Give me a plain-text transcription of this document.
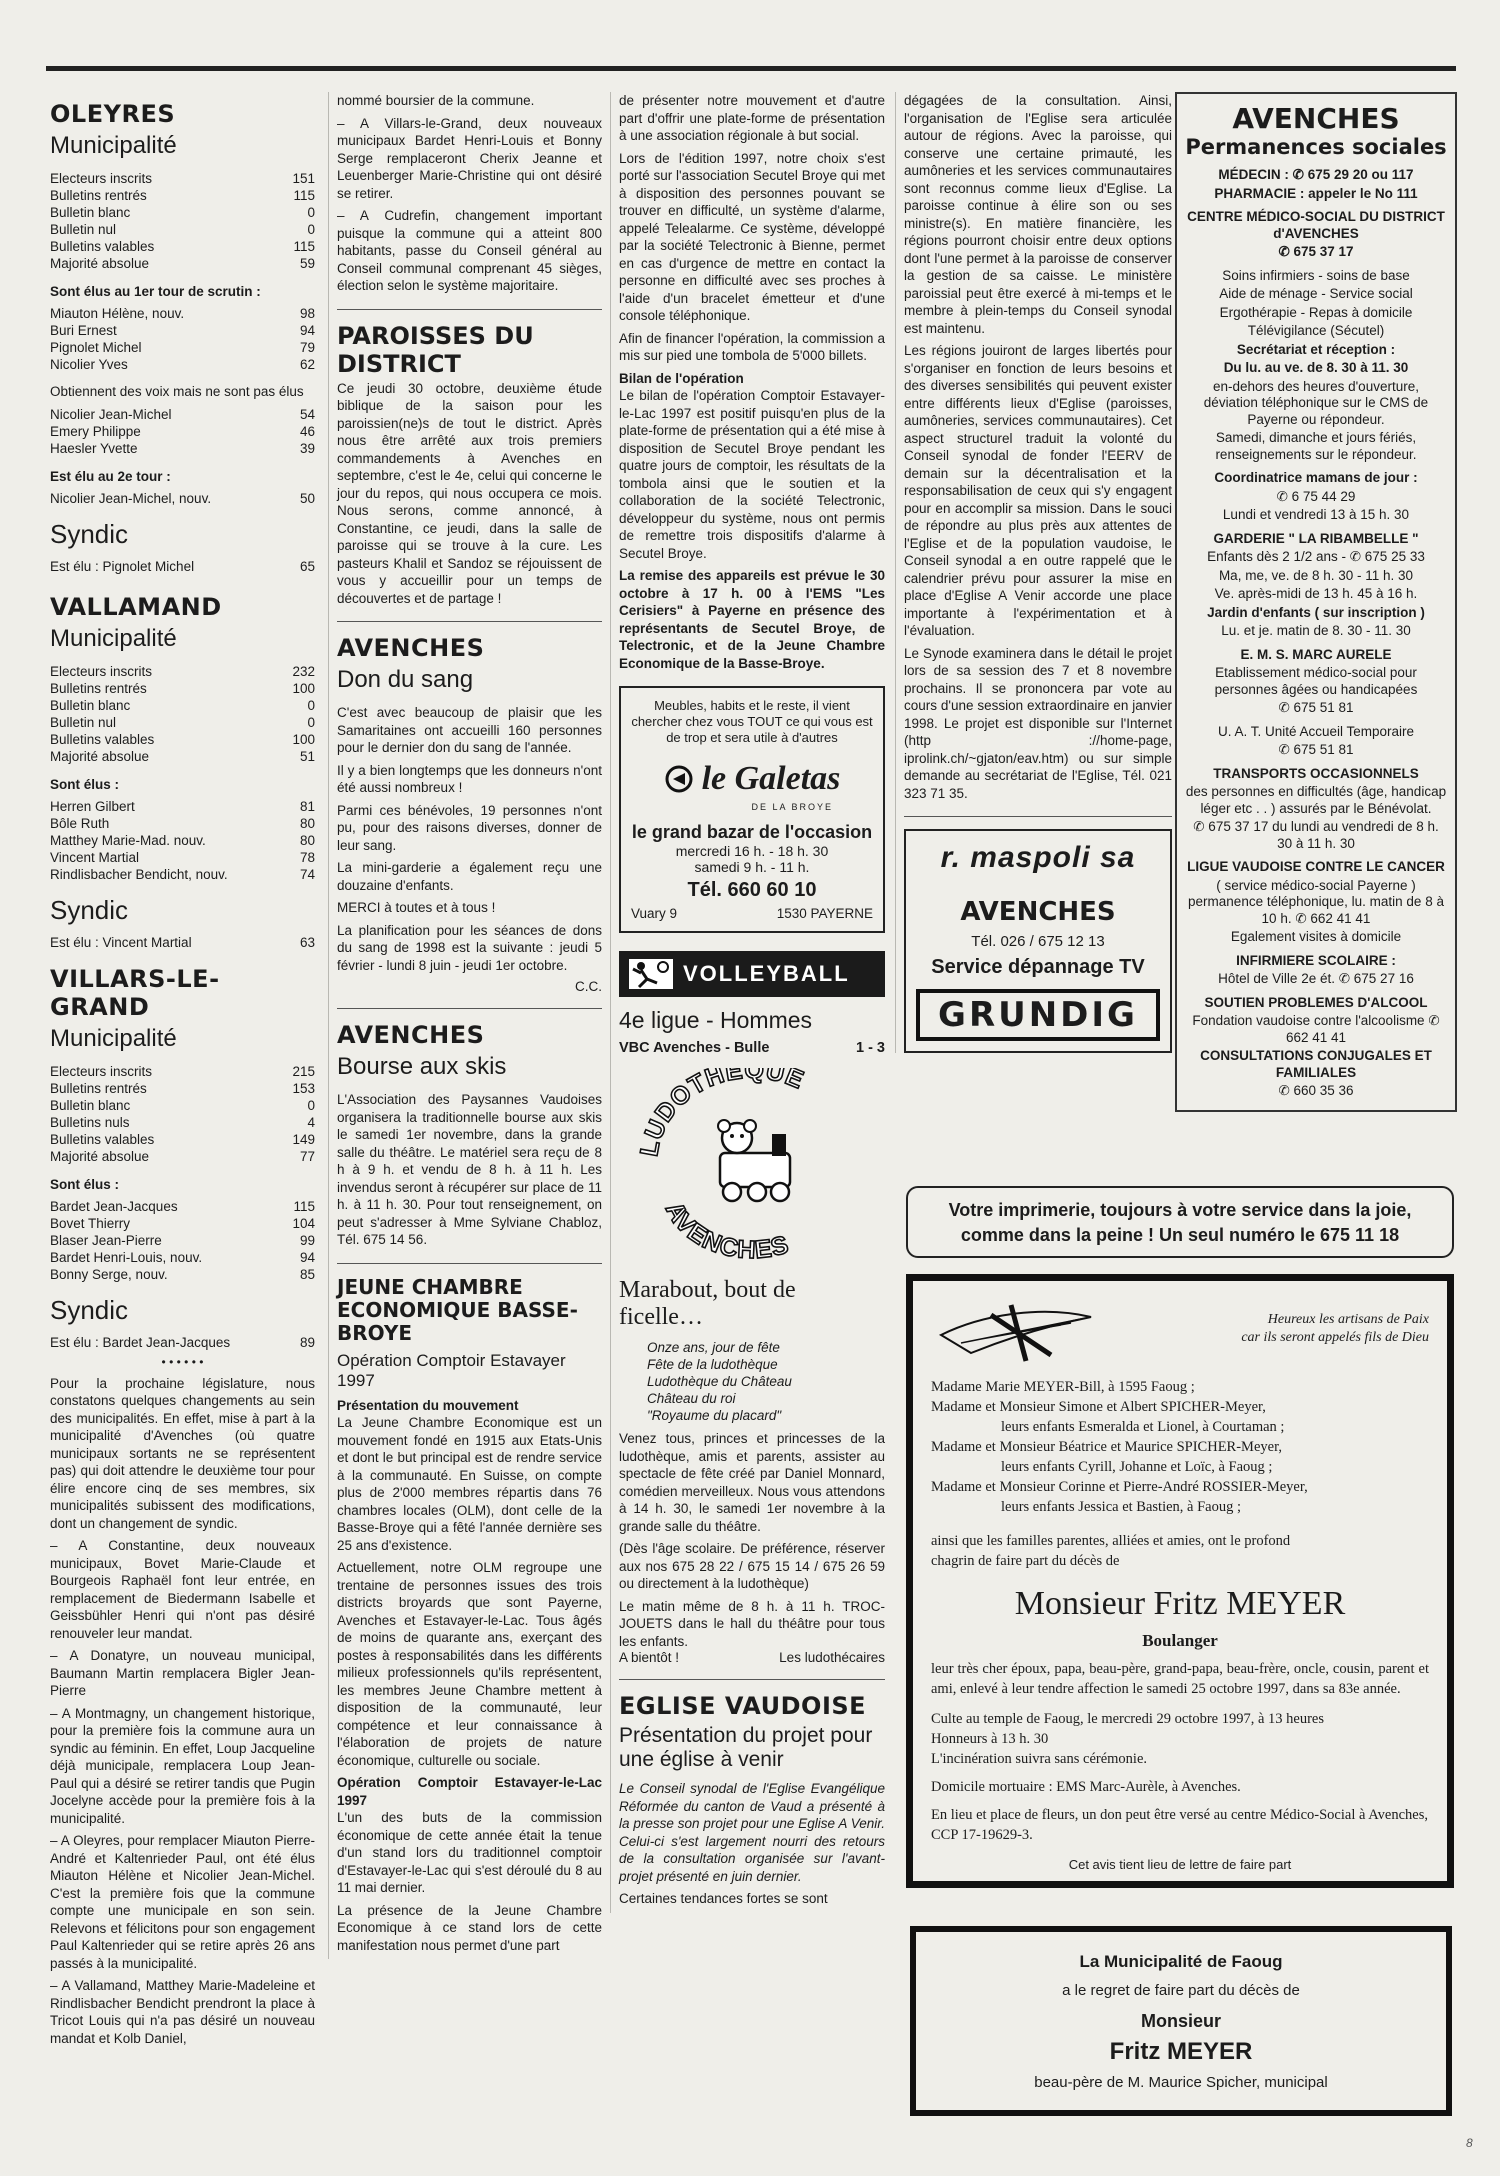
OLEYRES
Municipalité
Electeurs inscrits	151
Bulletins rentrés	115
Bulletin blanc	0
Bulletin nul	0
Bulletins valables	115
Majorité absolue	59
Sont élus au 1er tour de scrutin :
Miauton Hélène, nouv.	98
Buri Ernest	94
Pignolet Michel	79
Nicolier Yves	62
Obtiennent des voix mais ne sont pas élus
Nicolier Jean-Michel	54
Emery Philippe	46
Haesler Yvette	39
Est élu au 2e tour :
Nicolier Jean-Michel, nouv.	50
Syndic
Est élu : Pignolet Michel	65
VALLAMAND
Municipalité
Electeurs inscrits	232
Bulletins rentrés	100
Bulletin blanc	0
Bulletin nul	0
Bulletins valables	100
Majorité absolue	51
Sont élus :
Herren Gilbert	81
Bôle Ruth	80
Matthey Marie-Mad. nouv.	80
Vincent Martial	78
Rindlisbacher Bendicht, nouv.	74
Syndic
Est élu : Vincent Martial	63
VILLARS-LE-GRAND
Municipalité
Electeurs inscrits	215
Bulletins rentrés	153
Bulletin blanc	0
Bulletins nuls	4
Bulletins valables	149
Majorité absolue	77
Sont élus :
Bardet Jean-Jacques	115
Bovet Thierry	104
Blaser Jean-Pierre	99
Bardet Henri-Louis, nouv.	94
Bonny Serge, nouv.	85
Syndic
Est élu : Bardet Jean-Jacques	89
• • • • • •

Pour la prochaine législature, nous constatons quelques changements au sein des municipalités. En effet, mise à part à la municipalité d'Avenches (où quatre municipaux sortants ne se représentent pas) qui doit attendre le deuxième tour pour élire encore cinq de ses membres, six municipalités subissent des modifications, dont un changement de syndic.

– A Constantine, deux nouveaux municipaux, Bovet Marie-Claude et Bourgeois Raphaël font leur entrée, en remplacement de Biedermann Isabelle et Geissbühler Henri qui n'ont pas désiré renouveler leur mandat.

– A Donatyre, un nouveau municipal, Baumann Martin remplacera Bigler Jean-Pierre

– A Montmagny, un changement historique, pour la première fois la commune aura un syndic au féminin. En effet, Loup Jacqueline déjà municipale, remplacera Loup Jean-Paul qui a désiré se retirer tandis que Pugin Jocelyne accède pour la première fois à la municipalité.

– A Oleyres, pour remplacer Miauton Pierre-André et Kaltenrieder Paul, ont été élus Miauton Hélène et Nicolier Jean-Michel. C'est la première fois que la commune compte une municipale en son sein. Relevons et félicitons pour son engagement Paul Kaltenrieder qui se retire après 26 ans passés à la municipalité.

– A Vallamand, Matthey Marie-Madeleine et Rindlisbacher Bendicht prendront la place à Tricot Louis qui n'a pas désiré un nouveau mandat et Kolb Daniel,

nommé boursier de la commune.

– A Villars-le-Grand, deux nouveaux municipaux Bardet Henri-Louis et Bonny Serge remplaceront Cherix Jeanne et Leuenberger Marie-Christine qui ont désiré se retirer.

– A Cudrefin, changement important puisque la commune qui a atteint 800 habitants, passe du Conseil général au Conseil communal comprenant 45 sièges, élection selon le système majoritaire.

PAROISSES DU DISTRICT

Ce jeudi 30 octobre, deuxième étude biblique de la saison pour les paroissien(ne)s de tout le district. Après nous être arrêté aux trois premiers commandements à Avenches en septembre, c'est le 4e, celui qui concerne le jour du repos, qui nous occupera ce mois. Nous serons, comme annoncé, à Constantine, ce jeudi, dans la salle de paroisse qui se trouve à la cure. Les pasteurs Khalil et Sandoz se réjouissent de vous y accueillir pour un temps de découvertes et de partage !

AVENCHES
Don du sang

C'est avec beaucoup de plaisir que les Samaritaines ont accueilli 160 personnes pour le dernier don du sang de l'année.

Il y a bien longtemps que les donneurs n'ont été aussi nombreux !

Parmi ces bénévoles, 19 personnes n'ont pu, pour des raisons diverses, donner de leur sang.

La mini-garderie a également reçu une douzaine d'enfants.

MERCI à toutes et à tous !

La planification pour les séances de dons du sang de 1998 est la suivante : jeudi 5 février - lundi 8 juin - jeudi 1er octobre.

C.C.
AVENCHES
Bourse aux skis

L'Association des Paysannes Vaudoises organisera la traditionnelle bourse aux skis le samedi 1er novembre, dans la grande salle du théâtre. Le matériel sera reçu de 8 h à 9 h. et vendu de 8 h. à 11 h. Les invendus seront à récupérer sur place de 11 h. à 11 h. 30. Pour tout renseignement, on peut s'adresser à Mme Sylviane Chabloz, Tél. 675 14 56.

JEUNE CHAMBRE ECONOMIQUE BASSE-BROYE
Opération Comptoir Estavayer 1997
Présentation du mouvement

La Jeune Chambre Economique est un mouvement fondé en 1915 aux Etats-Unis et dont le but principal est de rendre service à la communauté. En Suisse, on compte plus de 2'000 membres répartis dans 76 chambres locales (OLM), dont celle de la Basse-Broye qui a fêté l'année dernière ses 25 ans d'existence.

Actuellement, notre OLM regroupe une trentaine de personnes issues des trois districts broyards que sont Payerne, Avenches et Estavayer-le-Lac. Tous âgés de moins de quarante ans, exerçant des postes à responsabilités dans les différents milieux professionnels qu'ils représentent, les membres Jeune Chambre mettent à disposition de la communauté, leur compétence et leur connaissance à l'élaboration de projets de nature économique, culturelle ou sociale.

Opération Comptoir Estavayer-le-Lac 1997

L'un des buts de la commission économique de cette année était la tenue d'un stand lors du traditionnel comptoir d'Estavayer-le-Lac qui s'est déroulé du 8 au 11 mai dernier.

La présence de la Jeune Chambre Economique à ce stand lors de cette manifestation nous permet d'une part

de présenter notre mouvement et d'autre part d'offrir une plate-forme de présentation à une association régionale à but social.

Lors de l'édition 1997, notre choix s'est porté sur l'association Secutel Broye qui met à disposition des personnes pouvant se trouver en difficulté, un système d'alarme, appelé Telealarme. Ce système, développé par la société Telectronic à Bienne, permet en cas d'urgence de mettre en contact la personne en difficulté avec ses proches à l'aide d'un bracelet émetteur et d'une console téléphonique.

Afin de financer l'opération, la commission a mis sur pied une tombola de 5'000 billets.

Bilan de l'opération

Le bilan de l'opération Comptoir Estavayer-le-Lac 1997 est positif puisqu'en plus de la plate-forme de présentation qui a été mise à disposition de Secutel Broye pendant les quatre jours de comptoir, les résultats de la tombola ainsi que le soutien et la collaboration de la société Telectronic, développeur du système, nous ont permis de remettre trois dispositifs d'alarme à Secutel Broye.

La remise des appareils est prévue le 30 octobre à 17 h. 00 à l'EMS "Les Cerisiers" à Payerne en présence des représentants de Secutel Broye, de Telectronic, et de la Jeune Chambre Economique de la Basse-Broye.

Meubles, habits et le reste, il vient chercher chez vous TOUT ce qui vous est de trop et sera utile à d'autres
le Galetas
DE LA BROYE
le grand bazar de l'occasion
mercredi 16 h. - 18 h. 30
samedi 9 h. - 11 h.
Tél. 660 60 10
Vuary 9	1530 PAYERNE
VOLLEYBALL
4e ligue - Hommes
VBC Avenches - Bulle	1 - 3
LUDOTHEQUE
AVENCHES
Marabout, bout de ficelle…
Onze ans, jour de fête
Fête de la ludothèque
Ludothèque du Château
Château du roi
"Royaume du placard"

Venez tous, princes et princesses de la ludothèque, amis et parents, assister au spectacle de fête créé par Daniel Monnard, comédien merveilleux. Nous vous attendons à 14 h. 30, le samedi 1er novembre à la grande salle du théâtre.

(Dès l'âge scolaire. De préférence, réserver aux nos 675 28 22 / 675 15 14 / 675 26 59 ou directement à la ludothèque)

Le matin même de 8 h. à 11 h. TROC-JOUETS dans le hall du théâtre pour tous les enfants.

A bientôt !	Les ludothécaires
EGLISE VAUDOISE
Présentation du projet pour une église à venir

Le Conseil synodal de l'Eglise Evangélique Réformée du canton de Vaud a présenté à la presse son projet pour une Eglise A Venir. Celui-ci s'est largement nourri des retours de la consultation organisée sur l'avant-projet présenté en juin dernier.

Certaines tendances fortes se sont

dégagées de la consultation. Ainsi, l'organisation de l'Eglise sera articulée autour de régions. Avec la paroisse, qui conserve une certaine primauté, les aumôneries et les services communautaires sont reconnus comme lieux d'Eglise. La paroisse continue à élire son ou ses ministre(s). En matière financière, les régions pourront choisir entre deux options dont l'une permet à la paroisse de conserver la gestion de sa caisse. Le ministère paroissial peut être exercé à mi-temps et le membre à plein-temps du Conseil synodal est maintenu.

Les régions jouiront de larges libertés pour s'organiser en fonction de leurs besoins et des diverses sensibilités qui peuvent exister entre différents lieux d'Eglise (paroisses, aumôneries, services communautaires). Cet aspect structurel traduit la volonté du Conseil synodal de fonder l'EERV de demain sur la décentralisation et la responsabilisation de ceux qui s'y engagent pour en accomplir sa mission. Dans le souci de répondre au plus près aux attentes de l'Eglise et de la population vaudoise, le Conseil synodal a en outre rappelé que le calendrier prévu pour assurer la mise en place d'Eglise A Venir accorde une place importante à l'expérimentation et à l'évaluation.

Le Synode examinera dans le détail le projet lors de sa session des 7 et 8 novembre prochains. Il se prononcera par vote au cours d'une session extraordinaire en janvier 1998. Le projet est disponible sur l'Internet (http ://home-page, iprolink.ch/~gjaton/eav.htm) ou sur simple demande au secrétariat de l'Eglise, Tél. 021 323 71 35.

r. maspoli sa
AVENCHES
Tél. 026 / 675 12 13
Service dépannage TV
GRUNDIG
AVENCHES
Permanences sociales
MÉDECIN : ✆ 675 29 20 ou 117
PHARMACIE : appeler le No 111
CENTRE MÉDICO-SOCIAL DU DISTRICT d'AVENCHES
✆ 675 37 17
Soins infirmiers - soins de base
Aide de ménage - Service social
Ergothérapie - Repas à domicile
Télévigilance (Sécutel)
Secrétariat et réception :
Du lu. au ve. de 8. 30 à 11. 30
en-dehors des heures d'ouverture, déviation téléphonique sur le CMS de Payerne ou répondeur.
Samedi, dimanche et jours fériés, renseignements sur le répondeur.
Coordinatrice mamans de jour :
✆ 6 75 44 29
Lundi et vendredi 13 à 15 h. 30
GARDERIE " LA RIBAMBELLE "
Enfants dès 2 1/2 ans - ✆ 675 25 33
Ma, me, ve. de 8 h. 30 - 11 h. 30
Ve. après-midi de 13 h. 45 à 16 h.
Jardin d'enfants ( sur inscription )
Lu. et je. matin de 8. 30 - 11. 30
E. M. S. MARC AURELE
Etablissement médico-social pour personnes âgées ou handicapées
✆ 675 51 81
U. A. T. Unité Accueil Temporaire
✆ 675 51 81
TRANSPORTS OCCASIONNELS
des personnes en difficultés (âge, handicap léger etc . . ) assurés par le Bénévolat.
✆ 675 37 17 du lundi au vendredi de 8 h. 30 à 11 h. 30
LIGUE VAUDOISE CONTRE LE CANCER
( service médico-social Payerne ) permanence téléphonique, lu. matin de 8 à 10 h. ✆ 662 41 41
Egalement visites à domicile
INFIRMIERE SCOLAIRE :
Hôtel de Ville 2e ét. ✆ 675 27 16
SOUTIEN PROBLEMES D'ALCOOL
Fondation vaudoise contre l'alcoolisme ✆ 662 41 41
CONSULTATIONS CONJUGALES ET FAMILIALES
✆ 660 35 36
Votre imprimerie, toujours à votre service dans la joie,
comme dans la peine ! Un seul numéro le 675 11 18
Heureux les artisans de Paix
car ils seront appelés fils de Dieu
Madame Marie MEYER-Bill, à 1595 Faoug ;
Madame et Monsieur Simone et Albert SPICHER-Meyer,
leurs enfants Esmeralda et Lionel, à Courtaman ;
Madame et Monsieur Béatrice et Maurice SPICHER-Meyer,
leurs enfants Cyrill, Johanne et Loïc, à Faoug ;
Madame et Monsieur Corinne et Pierre-André ROSSIER-Meyer,
leurs enfants Jessica et Bastien, à Faoug ;
ainsi que les familles parentes, alliées et amies, ont le profond chagrin de faire part du décès de
Monsieur Fritz MEYER
Boulanger
leur très cher époux, papa, beau-père, grand-papa, beau-frère, oncle, cousin, parent et ami, enlevé à leur tendre affection le samedi 25 octobre 1997, dans sa 83e année.
Culte au temple de Faoug, le mercredi 29 octobre 1997, à 13 heures
Honneurs à 13 h. 30
L'incinération suivra sans cérémonie.
Domicile mortuaire : EMS Marc-Aurèle, à Avenches.
En lieu et place de fleurs, un don peut être versé au centre Médico-Social à Avenches, CCP 17-19629-3.
Cet avis tient lieu de lettre de faire part
La Municipalité de Faoug
a le regret de faire part du décès de
Monsieur
Fritz MEYER
beau-père de M. Maurice Spicher, municipal
8
